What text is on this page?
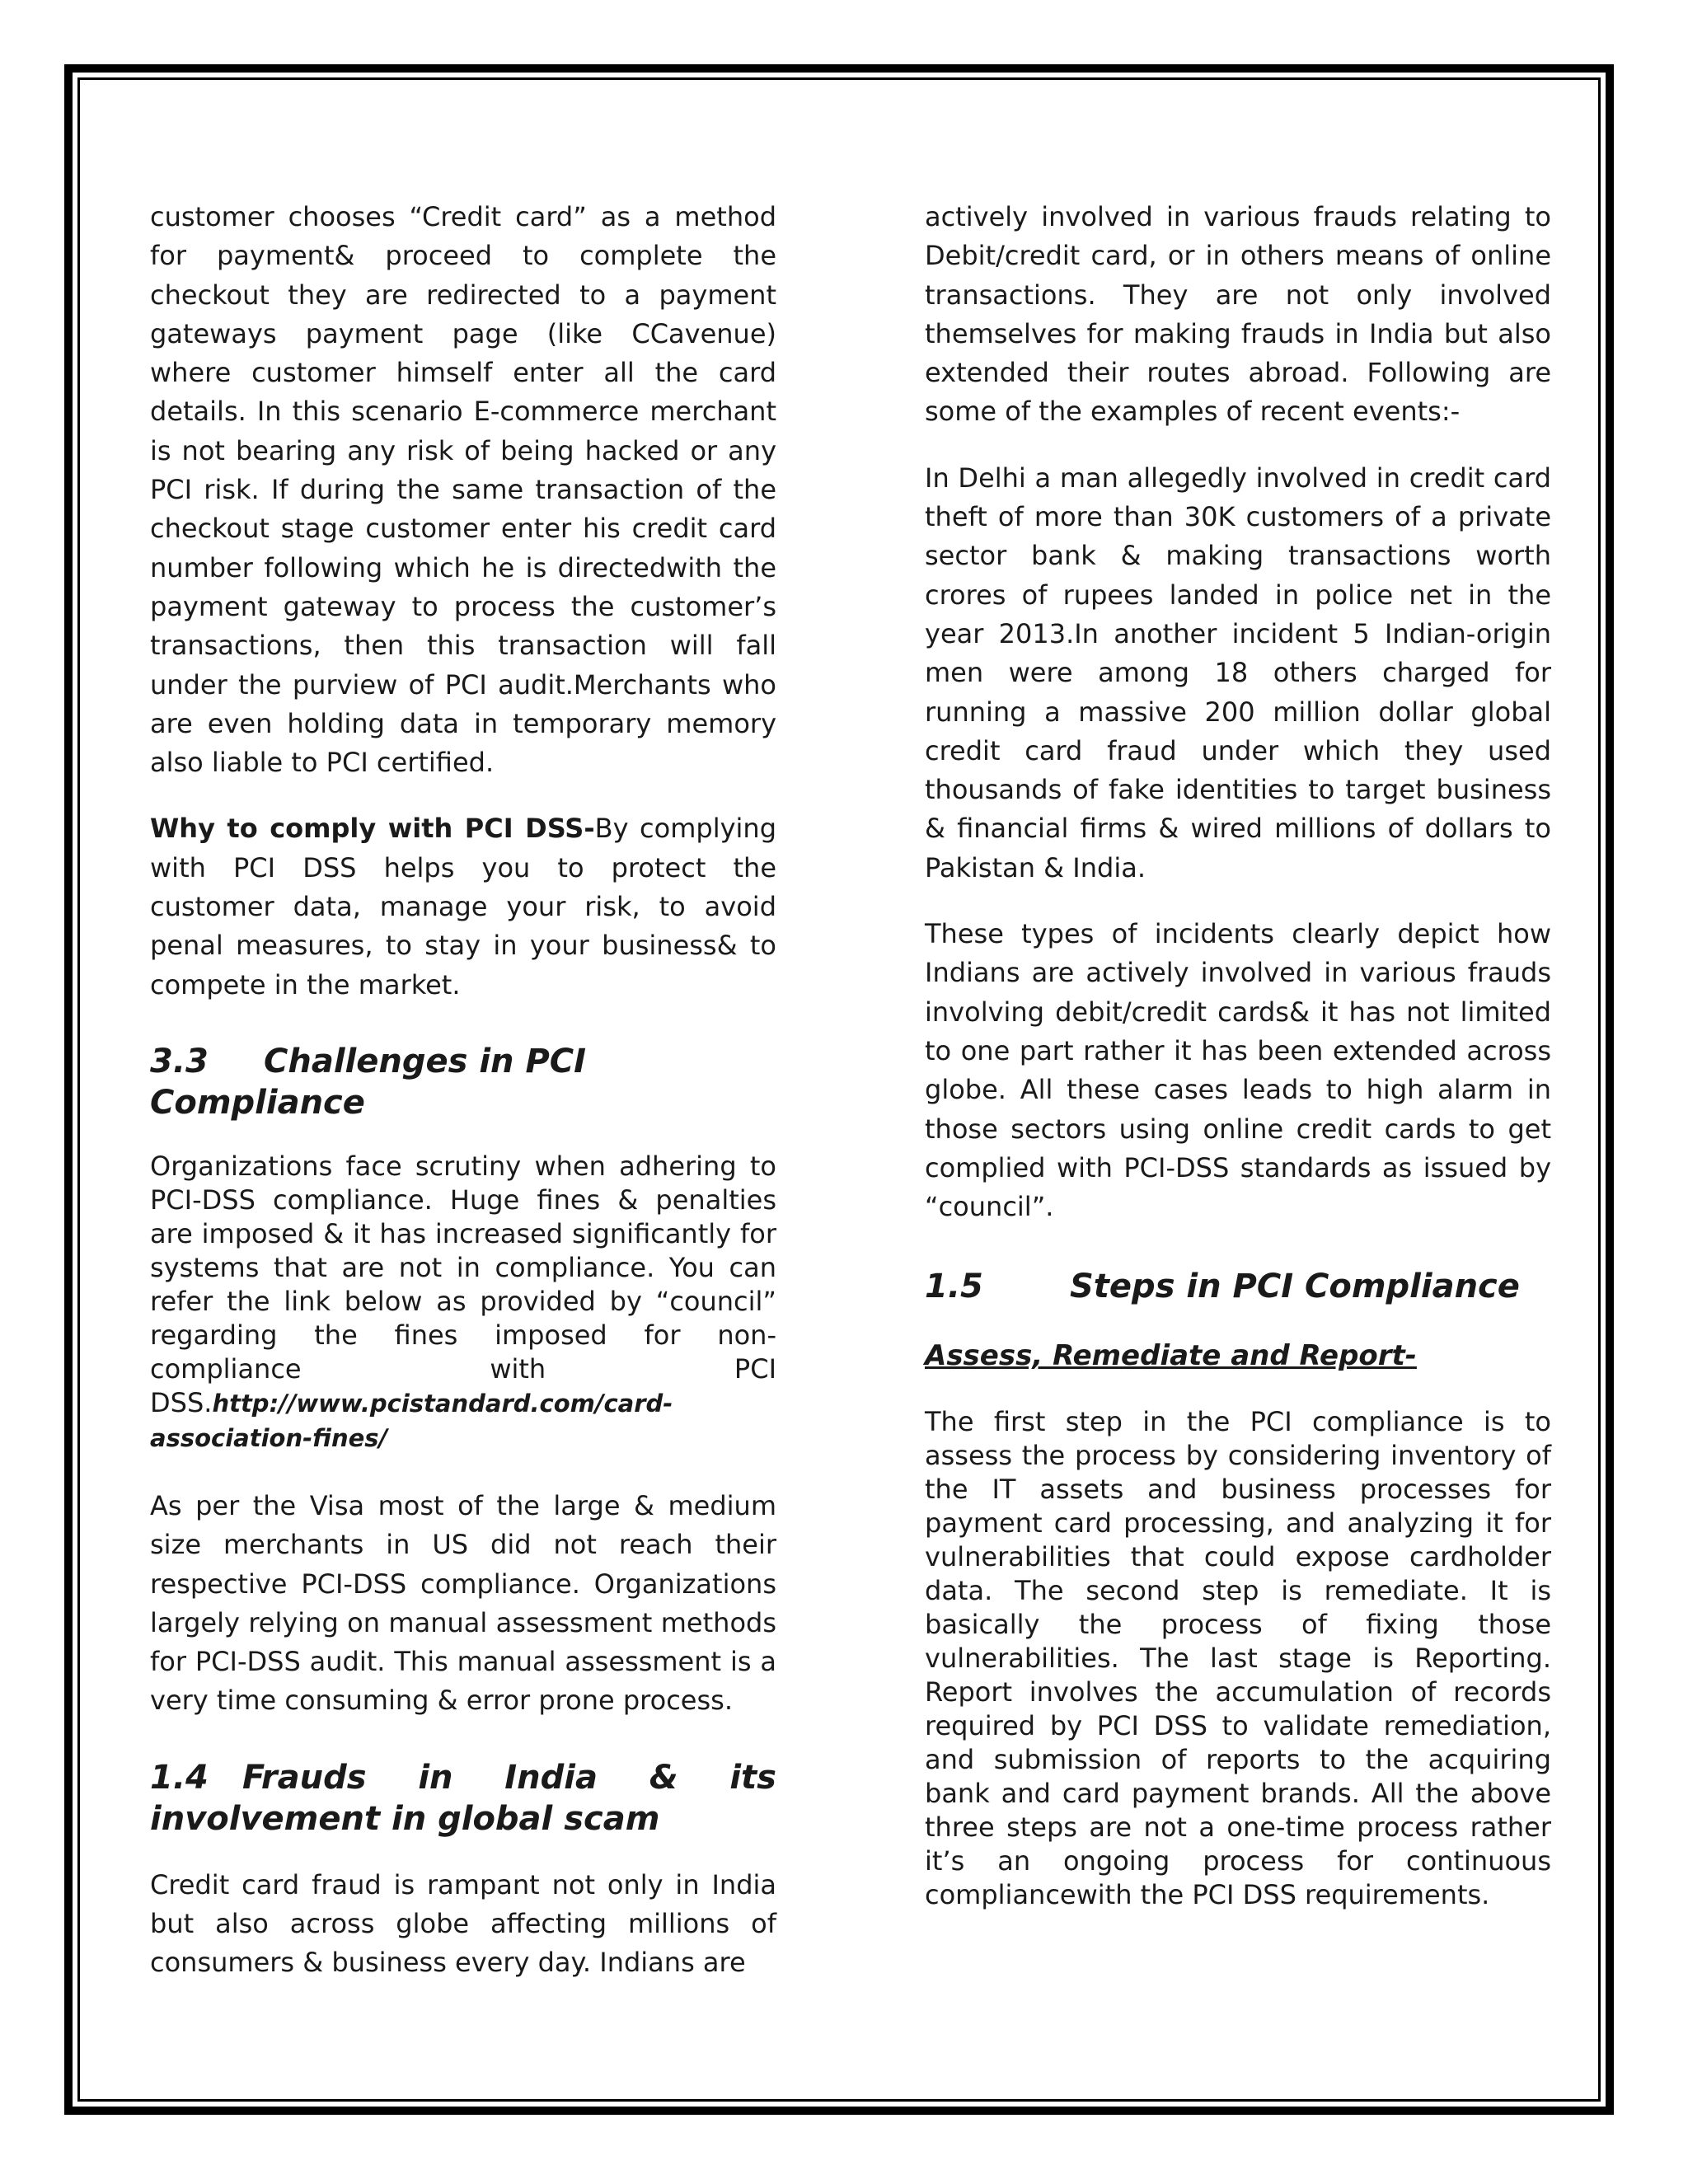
customer chooses “Credit card” as a method for payment& proceed to complete the checkout they are redirected to a payment gateways payment page (like CCavenue) where customer himself enter all the card details. In this scenario E-commerce merchant is not bearing any risk of being hacked or any PCI risk. If during the same transaction of the checkout stage customer enter his credit card number following which he is directedwith the payment gateway to process the customer’s transactions, then this transaction will fall under the purview of PCI audit.Merchants who are even holding data in temporary memory also liable to PCI certified.

Why to comply with PCI DSS-By complying with PCI DSS helps you to protect the customer data, manage your risk, to avoid penal measures, to stay in your business& to compete in the market.

3.3 Challenges in PCI Compliance

Organizations face scrutiny when adhering to PCI-DSS compliance. Huge fines & penalties are imposed & it has increased significantly for systems that are not in compliance. You can refer the link below as provided by “council” regarding the fines imposed for non-compliance with PCI DSS.http://www.pcistandard.com/card-association-fines/

As per the Visa most of the large & medium size merchants in US did not reach their respective PCI-DSS compliance. Organizations largely relying on manual assessment methods for PCI-DSS audit. This manual assessment is a very time consuming & error prone process.

1.4 Frauds in India & its involvement in global scam

Credit card fraud is rampant not only in India but also across globe affecting millions of consumers & business every day. Indians are

actively involved in various frauds relating to Debit/credit card, or in others means of online transactions. They are not only involved themselves for making frauds in India but also extended their routes abroad. Following are some of the examples of recent events:-

In Delhi a man allegedly involved in credit card theft of more than 30K customers of a private sector bank & making transactions worth crores of rupees landed in police net in the year 2013.In another incident 5 Indian-origin men were among 18 others charged for running a massive 200 million dollar global credit card fraud under which they used thousands of fake identities to target business & financial firms & wired millions of dollars to Pakistan & India.

These types of incidents clearly depict how Indians are actively involved in various frauds involving debit/credit cards& it has not limited to one part rather it has been extended across globe. All these cases leads to high alarm in those sectors using online credit cards to get complied with PCI-DSS standards as issued by “council”.

1.5	Steps in PCI Compliance
Assess, Remediate and Report-

The first step in the PCI compliance is to assess the process by considering inventory of the IT assets and business processes for payment card processing, and analyzing it for vulnerabilities that could expose cardholder data. The second step is remediate. It is basically the process of fixing those vulnerabilities. The last stage is Reporting. Report involves the accumulation of records required by PCI DSS to validate remediation, and submission of reports to the acquiring bank and card payment brands. All the above three steps are not a one-time process rather it’s an ongoing process for continuous compliancewith the PCI DSS requirements.
